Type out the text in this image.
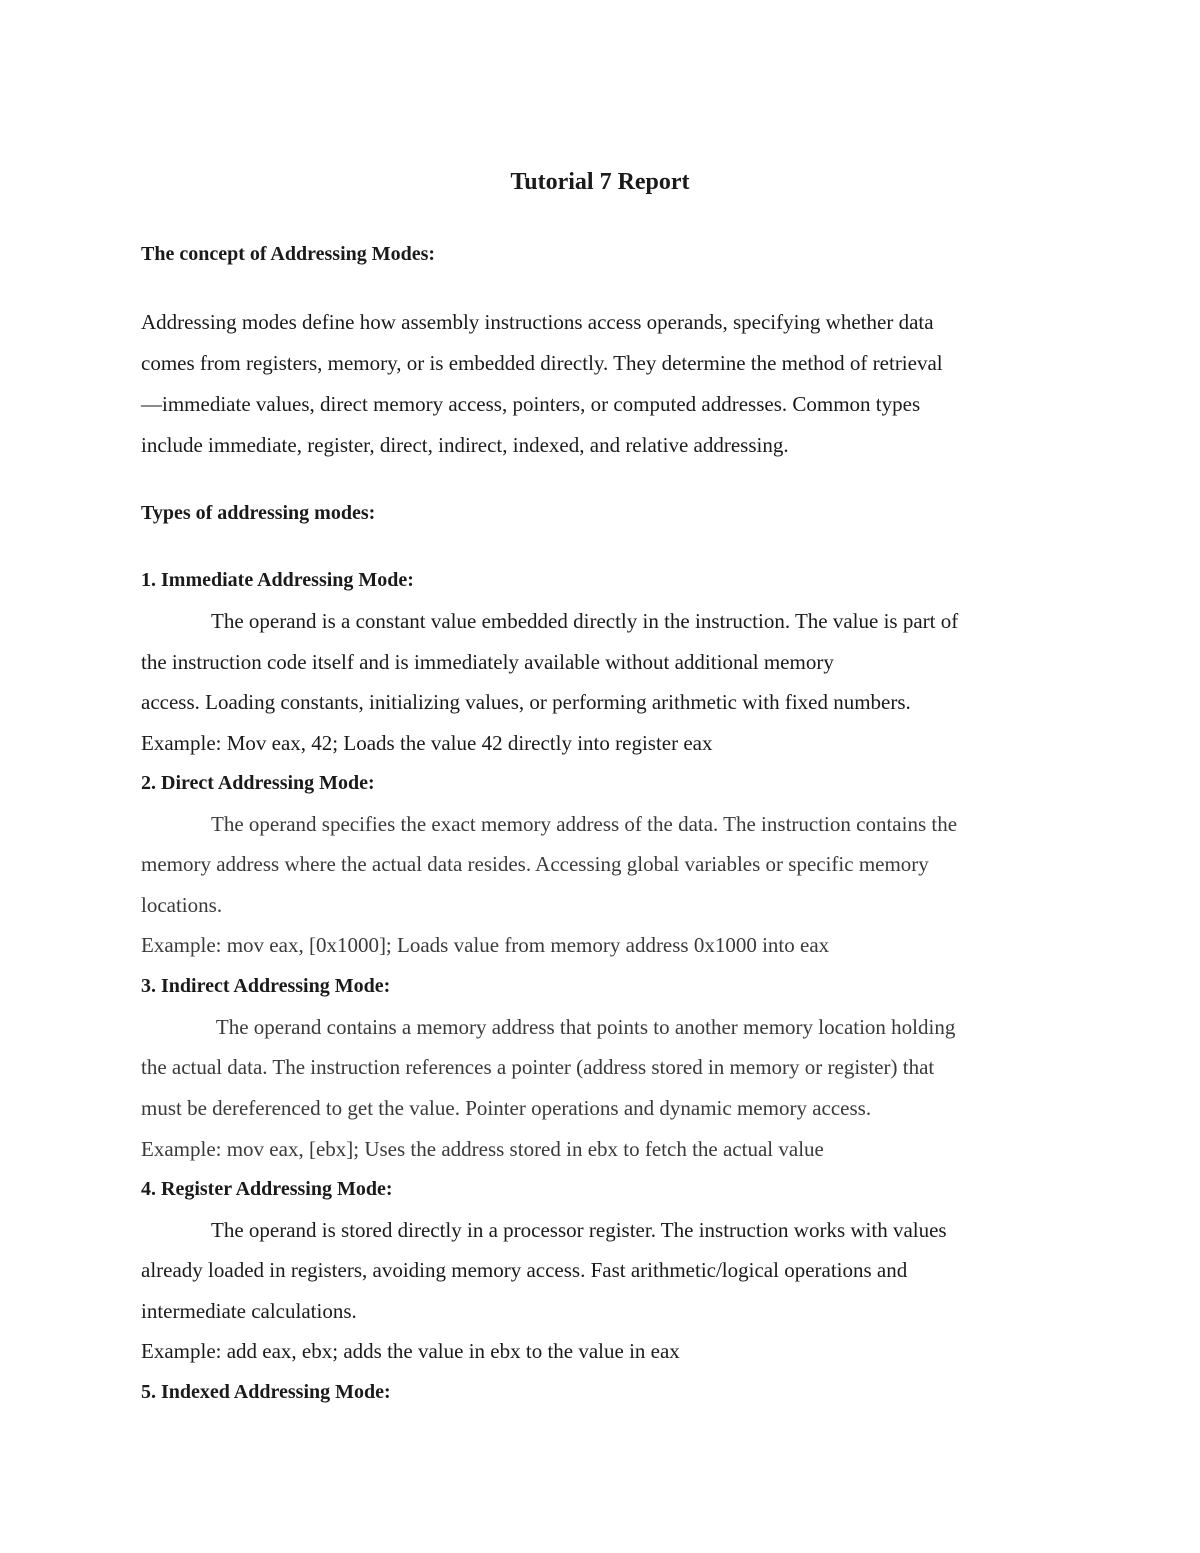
Tutorial 7 Report
The concept of Addressing Modes:

Addressing modes define how assembly instructions access operands, specifying whether data

comes from registers, memory, or is embedded directly. They determine the method of retrieval

—immediate values, direct memory access, pointers, or computed addresses. Common types

include immediate, register, direct, indirect, indexed, and relative addressing.

Types of addressing modes:
1. Immediate Addressing Mode:

The operand is a constant value embedded directly in the instruction. The value is part of

the instruction code itself and is immediately available without additional memory

access. Loading constants, initializing values, or performing arithmetic with fixed numbers.

Example: Mov eax, 42; Loads the value 42 directly into register eax

2. Direct Addressing Mode:

The operand specifies the exact memory address of the data. The instruction contains the

memory address where the actual data resides. Accessing global variables or specific memory

locations.

Example: mov eax, [0x1000]; Loads value from memory address 0x1000 into eax

3. Indirect Addressing Mode:

The operand contains a memory address that points to another memory location holding

the actual data. The instruction references a pointer (address stored in memory or register) that

must be dereferenced to get the value. Pointer operations and dynamic memory access.

Example: mov eax, [ebx]; Uses the address stored in ebx to fetch the actual value

4. Register Addressing Mode:

The operand is stored directly in a processor register. The instruction works with values

already loaded in registers, avoiding memory access. Fast arithmetic/logical operations and

intermediate calculations.

Example: add eax, ebx; adds the value in ebx to the value in eax

5. Indexed Addressing Mode:
